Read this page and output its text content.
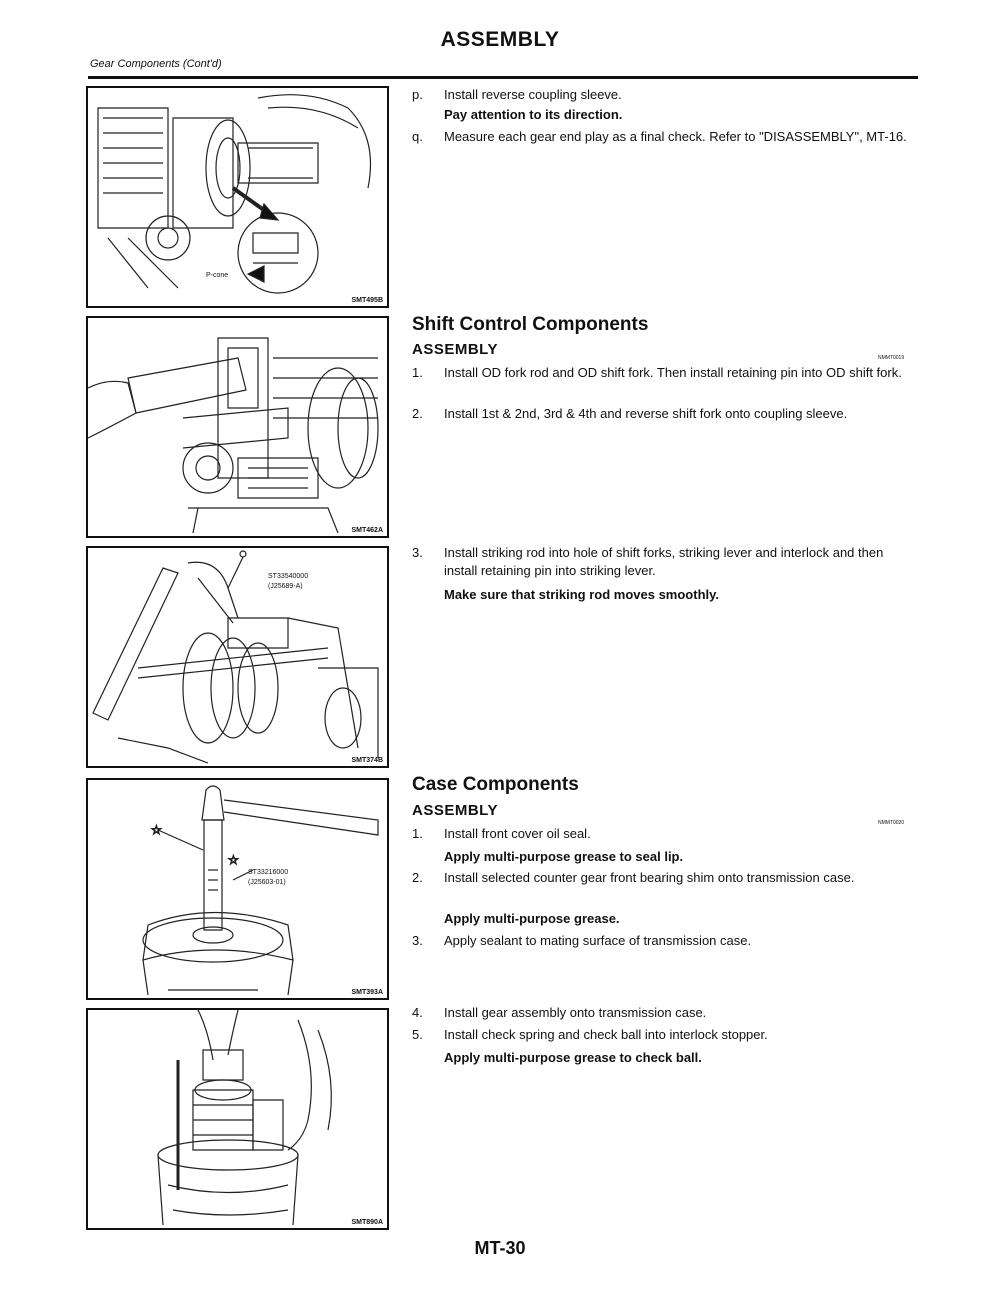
ASSEMBLY
Gear Components (Cont'd)
P-cone
SMT495B
SMT462A
ST33540000
(J25689-A)
SMT374B
☆
☆
ST33216000
(J25603-01)
SMT393A
SMT890A
p.	Install reverse coupling sleeve.
Pay attention to its direction.
q.	Measure each gear end play as a final check. Refer to "DISASSEMBLY", MT-16.
Shift Control Components
ASSEMBLY	NMMT0019
1.	Install OD fork rod and OD shift fork. Then install retaining pin into OD shift fork.
2.	Install 1st & 2nd, 3rd & 4th and reverse shift fork onto coupling sleeve.
3.	Install striking rod into hole of shift forks, striking lever and interlock and then install retaining pin into striking lever.
Make sure that striking rod moves smoothly.
Case Components
ASSEMBLY
NMMT0020
1.	Install front cover oil seal.
Apply multi-purpose grease to seal lip.
2.	Install selected counter gear front bearing shim onto transmission case.
Apply multi-purpose grease.
3.	Apply sealant to mating surface of transmission case.
4.	Install gear assembly onto transmission case.
5.	Install check spring and check ball into interlock stopper.
Apply multi-purpose grease to check ball.
MT-30
